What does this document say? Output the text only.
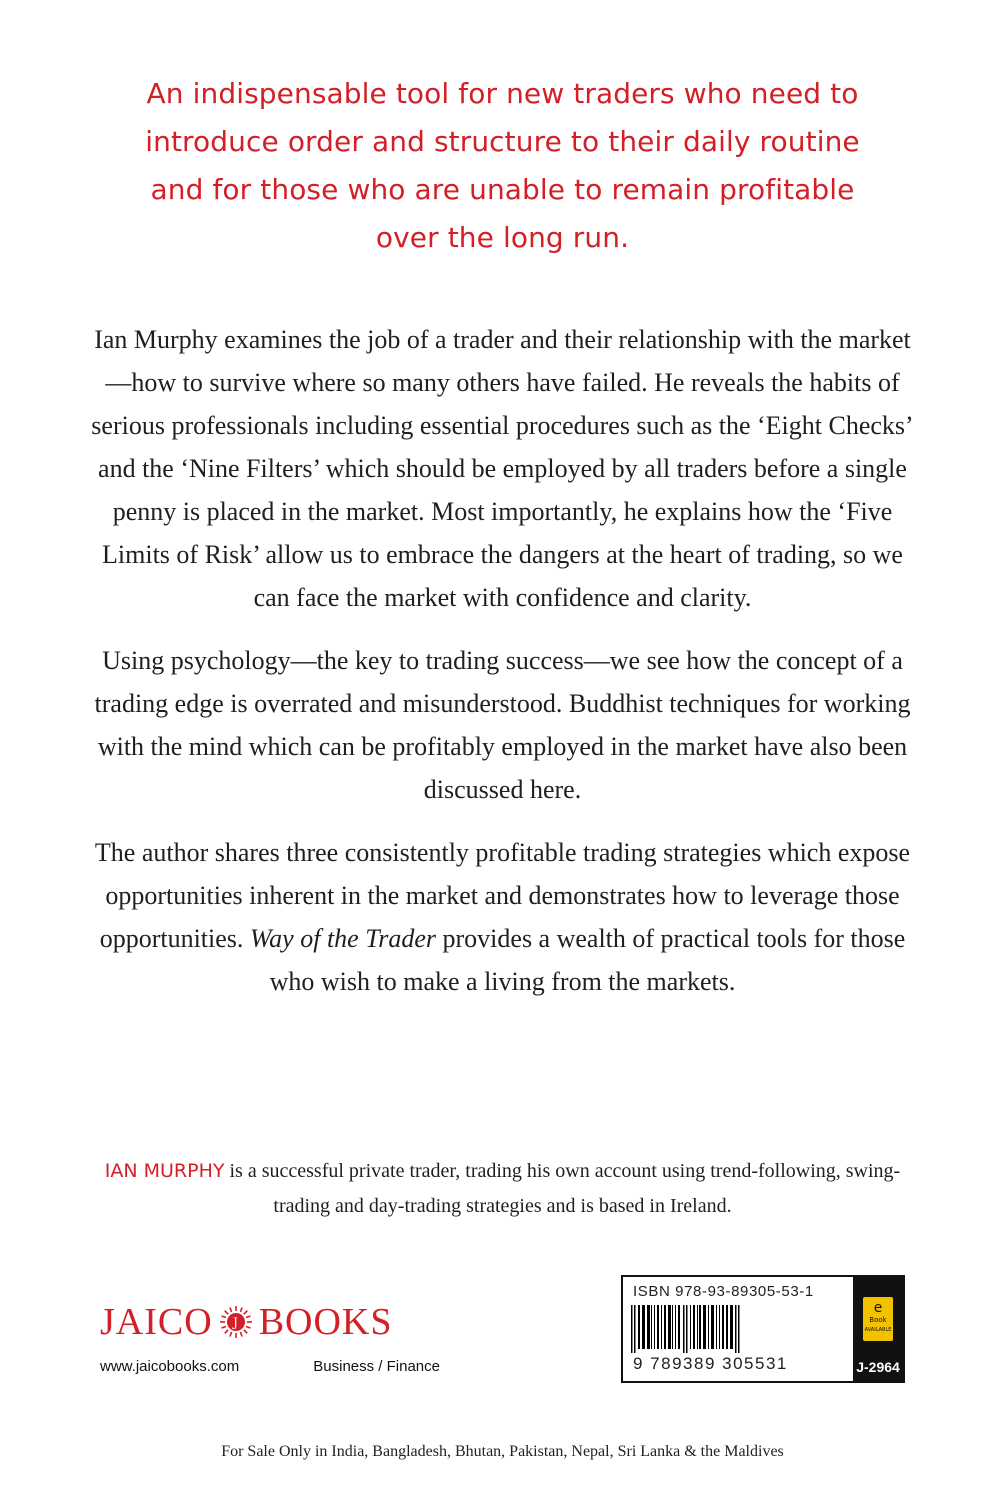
An indispensable tool for new traders who need to
introduce order and structure to their daily routine
and for those who are unable to remain profitable
over the long run.

Ian Murphy examines the job of a trader and their relationship with the market—how to survive where so many others have failed. He reveals the habits of serious professionals including essential procedures such as the ‘Eight Checks’ and the ‘Nine Filters’ which should be employed by all traders before a single penny is placed in the market. Most importantly, he explains how the ‘Five Limits of Risk’ allow us to embrace the dangers at the heart of trading, so we can face the market with confidence and clarity.

Using psychology—the key to trading success—we see how the concept of a trading edge is overrated and misunderstood. Buddhist techniques for working with the mind which can be profitably employed in the market have also been discussed here.

The author shares three consistently profitable trading strategies which expose opportunities inherent in the market and demonstrates how to leverage those opportunities. Way of the Trader provides a wealth of practical tools for those who wish to make a living from the markets.

IAN MURPHY is a successful private trader, trading his own account using trend-following, swing-trading and day-trading strategies and is based in Ireland.
JAICO J BOOKS
www.jaicobooks.com	Business / Finance
ISBN 978-93-89305-53-1
9 789389 305531
e
Book
AVAILABLE
J-2964
For Sale Only in India, Bangladesh, Bhutan, Pakistan, Nepal, Sri Lanka & the Maldives
